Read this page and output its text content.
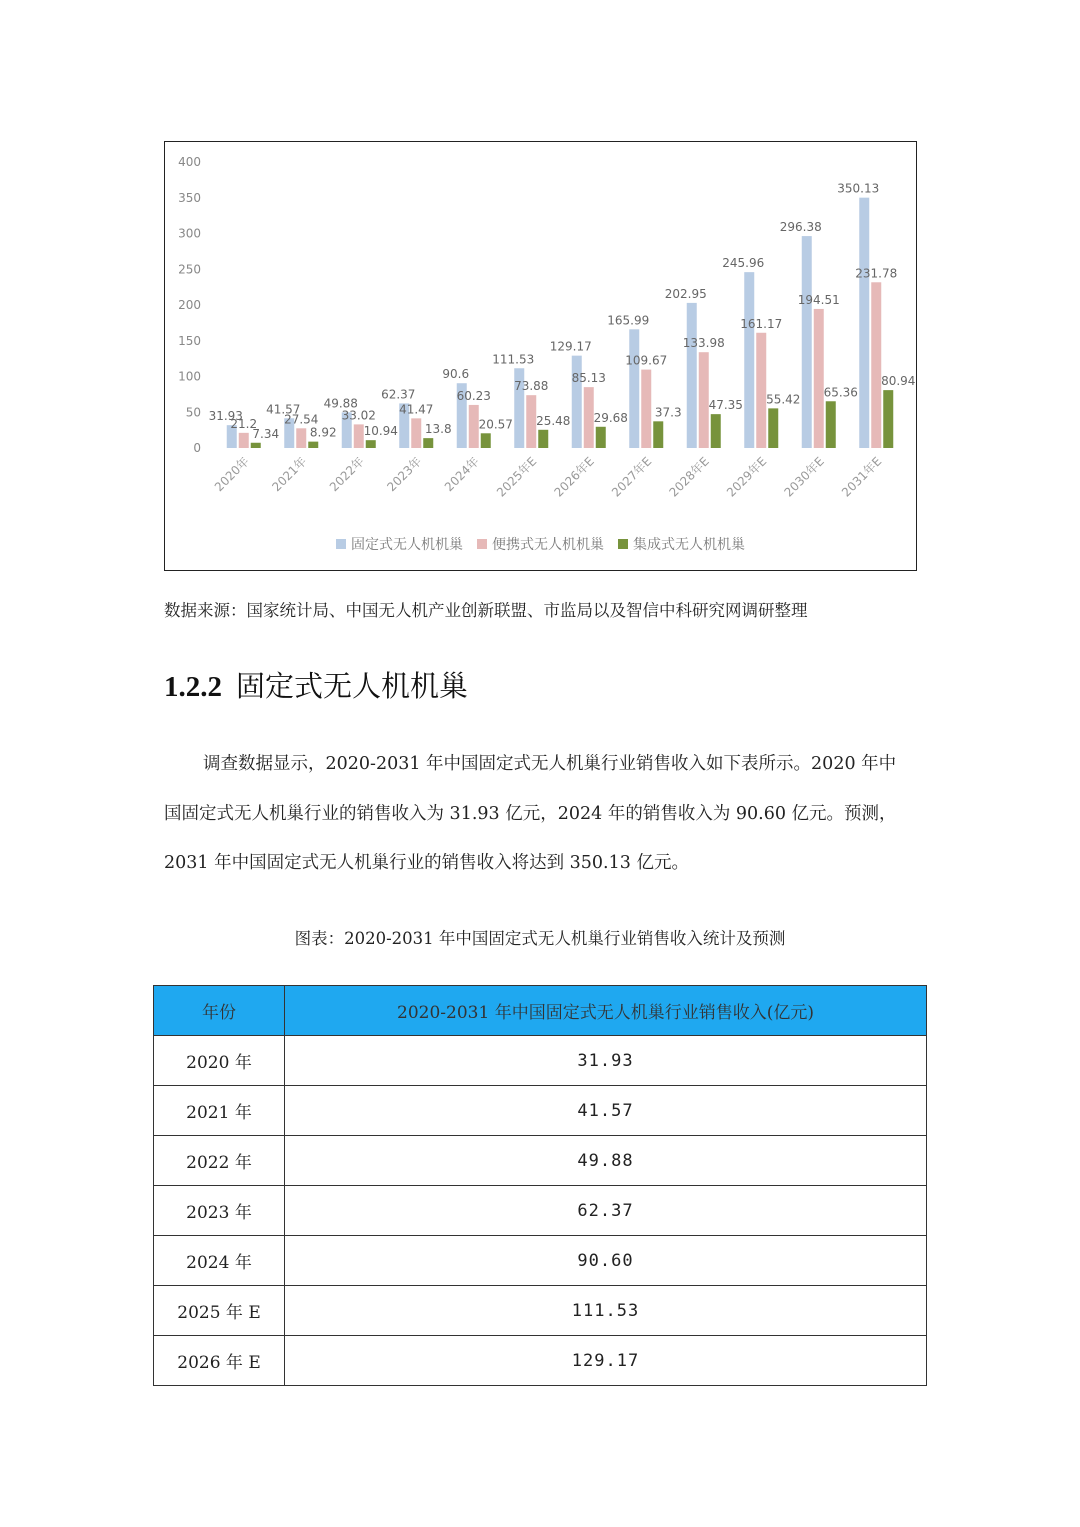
0
50
100
150
200
250
300
350
400
31.93
21.2
7.34
2020年
41.57
27.54
8.92
2021年
49.88
33.02
10.94
2022年
62.37
41.47
13.8
2023年
90.6
60.23
20.57
2024年
111.53
73.88
25.48
2025年E
129.17
85.13
29.68
2026年E
165.99
109.67
37.3
2027年E
202.95
133.98
47.35
2028年E
245.96
161.17
55.42
2029年E
296.38
194.51
65.36
2030年E
350.13
231.78
80.94
2031年E
固定式无人机机巢 便携式无人机机巢 集成式无人机机巢
数据来源：国家统计局、中国无人机产业创新联盟、市监局以及智信中科研究网调研整理
1.2.2 固定式无人机机巢
调查数据显示，2020-2031 年中国固定式无人机巢行业销售收入如下表所示。2020 年中
国固定式无人机巢行业的销售收入为 31.93 亿元，2024 年的销售收入为 90.60 亿元。预测，
2031 年中国固定式无人机巢行业的销售收入将达到 350.13 亿元。
图表：2020-2031 年中国固定式无人机巢行业销售收入统计及预测
年份	2020-2031 年中国固定式无人机巢行业销售收入(亿元)
2020 年	31.93
2021 年	41.57
2022 年	49.88
2023 年	62.37
2024 年	90.60
2025 年 E	111.53
2026 年 E	129.17
